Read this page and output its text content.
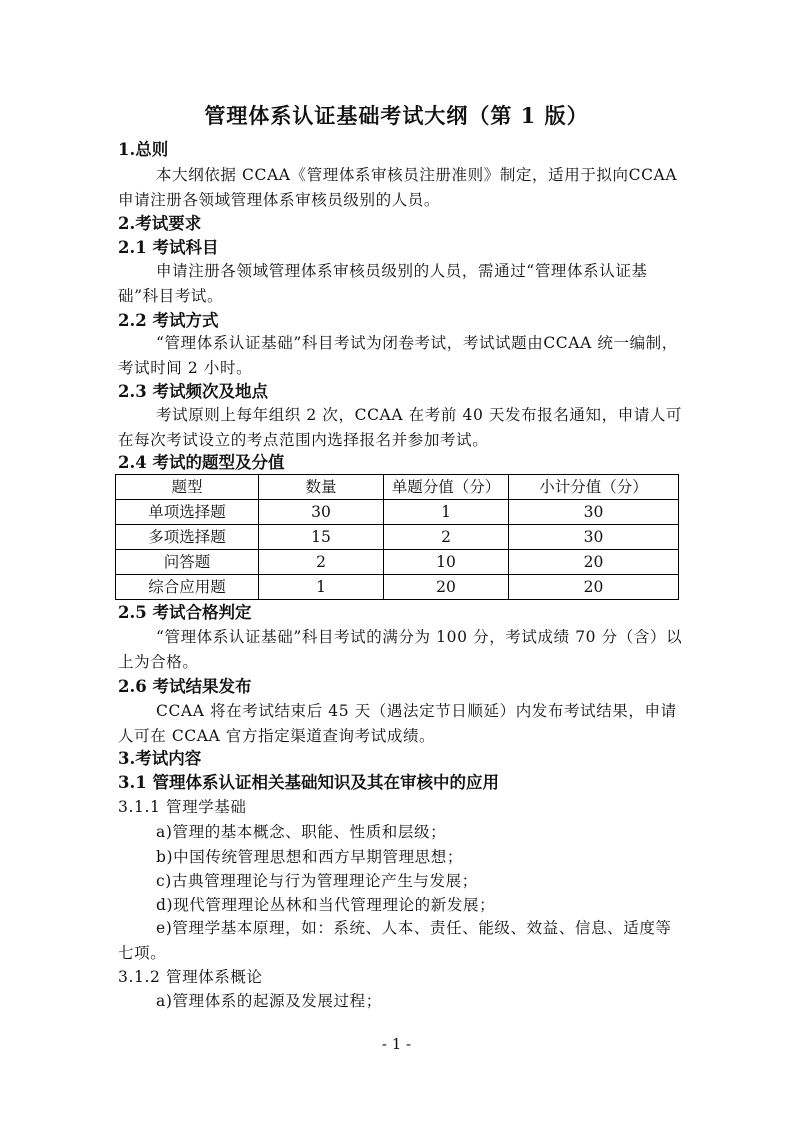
管理体系认证基础考试大纲（第 1 版）
1.总则
本大纲依据 CCAA《管理体系审核员注册准则》制定，适用于拟向CCAA 申请注册各领域管理体系审核员级别的人员。
2.考试要求
2.1 考试科目
申请注册各领域管理体系审核员级别的人员，需通过“管理体系认证基础”科目考试。
2.2 考试方式
“管理体系认证基础”科目考试为闭卷考试，考试试题由CCAA 统一编制，考试时间 2 小时。
2.3 考试频次及地点
考试原则上每年组织 2 次，CCAA 在考前 40 天发布报名通知，申请人可在每次考试设立的考点范围内选择报名并参加考试。
2.4 考试的题型及分值
题型	数量	单题分值（分）	小计分值（分）
单项选择题	30	1	30
多项选择题	15	2	30
问答题	2	10	20
综合应用题	1	20	20
2.5 考试合格判定
“管理体系认证基础”科目考试的满分为 100 分，考试成绩 70 分（含）以上为合格。
2.6 考试结果发布
CCAA 将在考试结束后 45 天（遇法定节日顺延）内发布考试结果，申请人可在 CCAA 官方指定渠道查询考试成绩。
3.考试内容
3.1 管理体系认证相关基础知识及其在审核中的应用
3.1.1 管理学基础
a)管理的基本概念、职能、性质和层级；
b)中国传统管理思想和西方早期管理思想；
c)古典管理理论与行为管理理论产生与发展；
d)现代管理理论丛林和当代管理理论的新发展；
e)管理学基本原理，如：系统、人本、责任、能级、效益、信息、适度等七项。
3.1.2 管理体系概论
a)管理体系的起源及发展过程；
- 1 -
